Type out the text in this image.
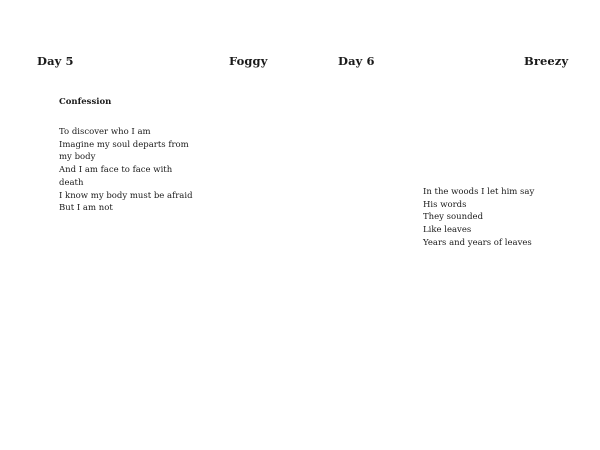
Day 5	Foggy
Confession
To discover who I am
Imagine my soul departs from
my body
And I am face to face with
death
I know my body must be afraid
But I am not
Day 6	Breezy
In the woods I let him say
His words
They sounded
Like leaves
Years and years of leaves
